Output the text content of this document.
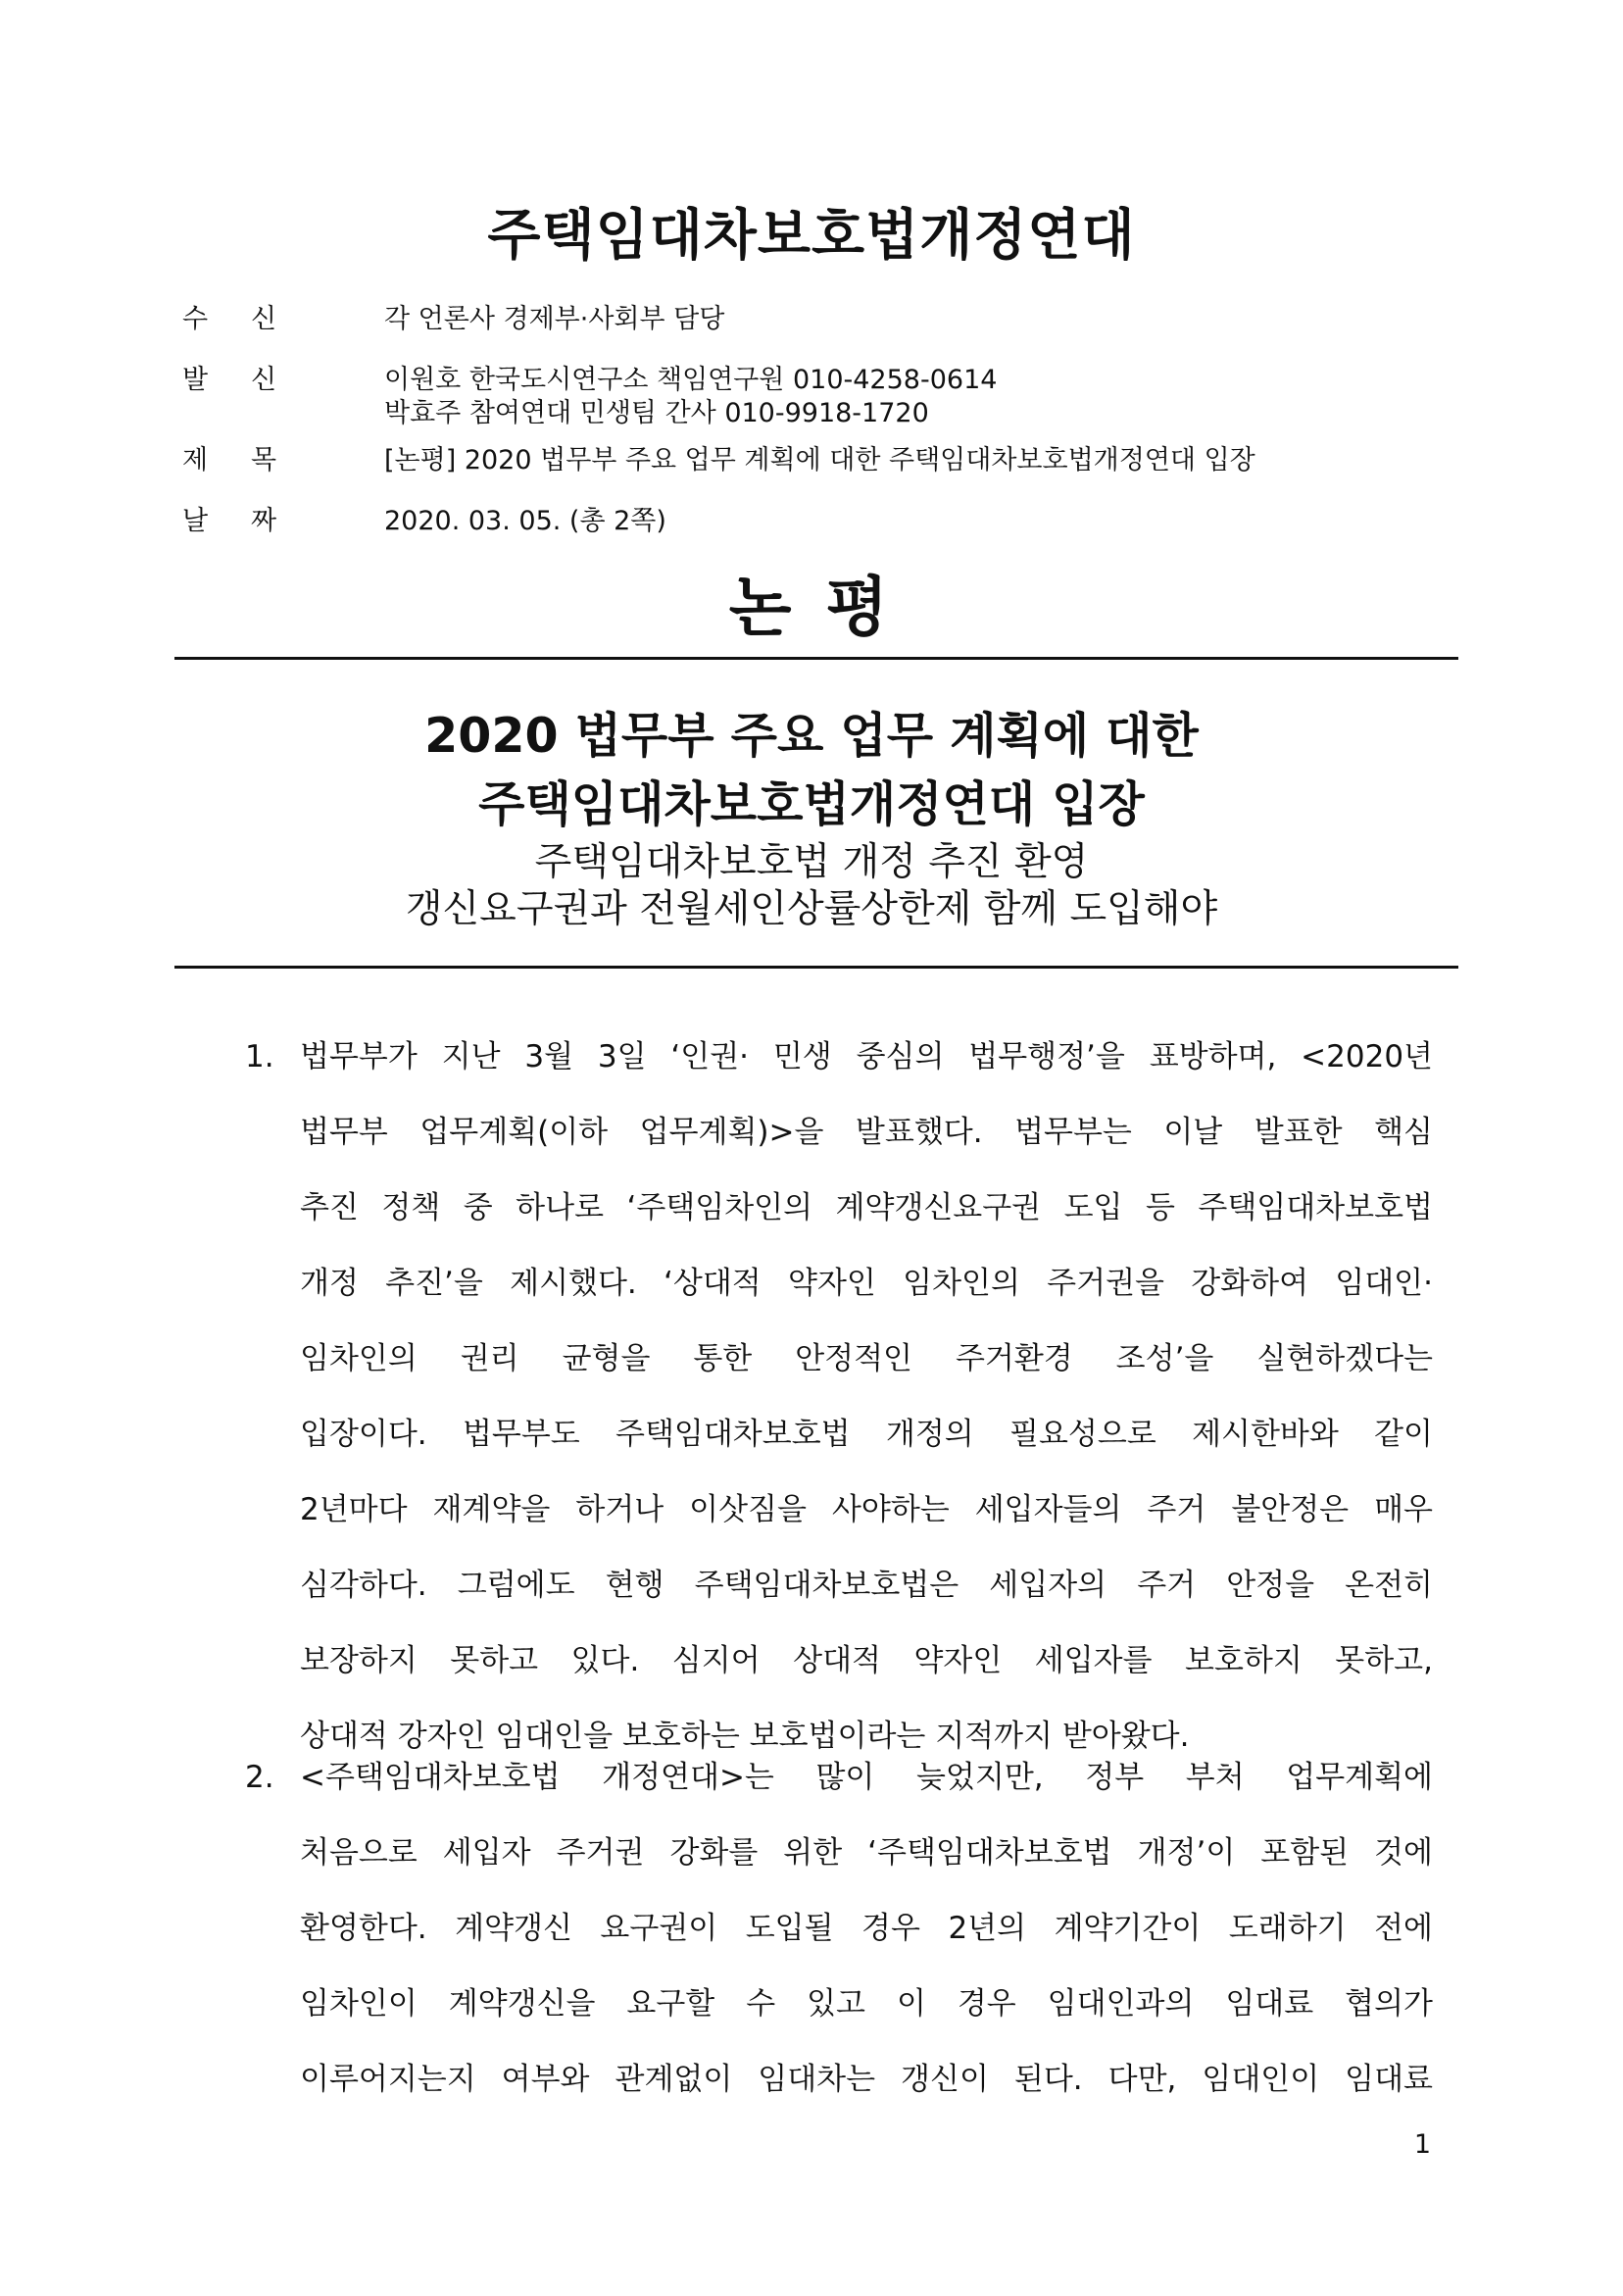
주택임대차보호법개정연대
수 신	각 언론사 경제부·사회부 담당
발 신	이원호 한국도시연구소 책임연구원 010-4258-0614
박효주 참여연대 민생팀 간사 010-9918-1720
제 목	[논평] 2020 법무부 주요 업무 계획에 대한 주택임대차보호법개정연대 입장
날 짜	2020. 03. 05. (총 2쪽)
논 평
2020 법무부 주요 업무 계획에 대한
주택임대차보호법개정연대 입장
주택임대차보호법 개정 추진 환영
갱신요구권과 전월세인상률상한제 함께 도입해야
1. 법무부가 지난 3월 3일 ‘인권· 민생 중심의 법무행정’을 표방하며, <2020년
법무부 업무계획(이하 업무계획)>을 발표했다. 법무부는 이날 발표한 핵심
추진 정책 중 하나로 ‘주택임차인의 계약갱신요구권 도입 등 주택임대차보호법
개정 추진’을 제시했다. ‘상대적 약자인 임차인의 주거권을 강화하여 임대인·
임차인의 권리 균형을 통한 안정적인 주거환경 조성’을 실현하겠다는
입장이다. 법무부도 주택임대차보호법 개정의 필요성으로 제시한바와 같이
2년마다 재계약을 하거나 이삿짐을 사야하는 세입자들의 주거 불안정은 매우
심각하다. 그럼에도 현행 주택임대차보호법은 세입자의 주거 안정을 온전히
보장하지 못하고 있다. 심지어 상대적 약자인 세입자를 보호하지 못하고,
상대적 강자인 임대인을 보호하는 보호법이라는 지적까지 받아왔다.
2. <주택임대차보호법 개정연대>는 많이 늦었지만, 정부 부처 업무계획에
처음으로 세입자 주거권 강화를 위한 ‘주택임대차보호법 개정’이 포함된 것에
환영한다. 계약갱신 요구권이 도입될 경우 2년의 계약기간이 도래하기 전에
임차인이 계약갱신을 요구할 수 있고 이 경우 임대인과의 임대료 협의가
이루어지는지 여부와 관계없이 임대차는 갱신이 된다. 다만, 임대인이 임대료
1
